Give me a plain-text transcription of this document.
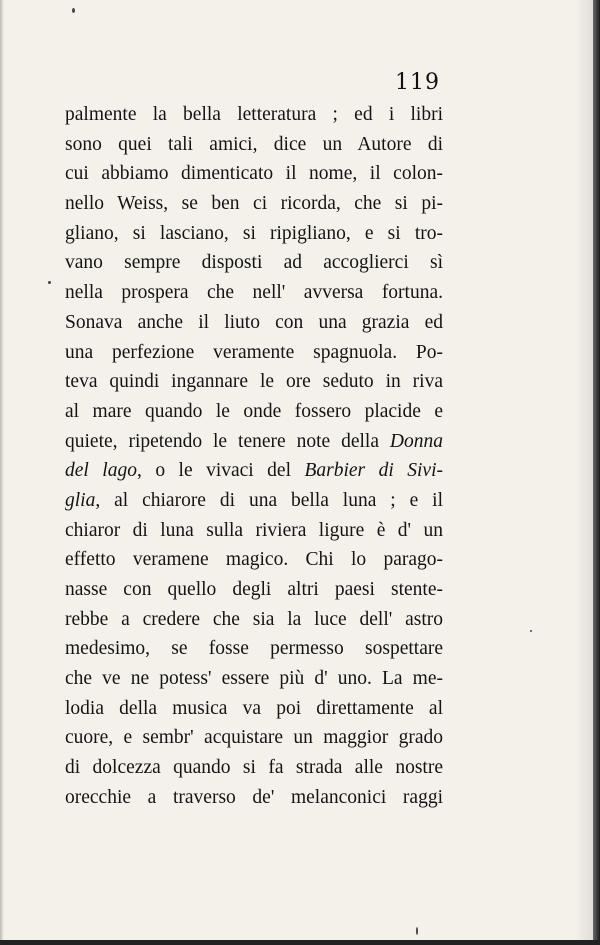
119
palmente la bella letteratura ; ed i libri
sono quei tali amici, dice un Autore di
cui abbiamo dimenticato il nome, il colon-
nello Weiss, se ben ci ricorda, che si pi-
gliano, si lasciano, si ripigliano, e si tro-
vano sempre disposti ad accoglierci sì
nella prospera che nell' avversa fortuna.
Sonava anche il liuto con una grazia ed
una perfezione veramente spagnuola. Po-
teva quindi ingannare le ore seduto in riva
al mare quando le onde fossero placide e
quiete, ripetendo le tenere note della Donna
del lago, o le vivaci del Barbier di Sivi-
glia, al chiarore di una bella luna ; e il
chiaror di luna sulla riviera ligure è d' un
effetto veramene magico. Chi lo parago-
nasse con quello degli altri paesi stente-
rebbe a credere che sia la luce dell' astro
medesimo, se fosse permesso sospettare
che ve ne potess' essere più d' uno. La me-
lodia della musica va poi direttamente al
cuore, e sembr' acquistare un maggior grado
di dolcezza quando si fa strada alle nostre
orecchie a traverso de' melanconici raggi
